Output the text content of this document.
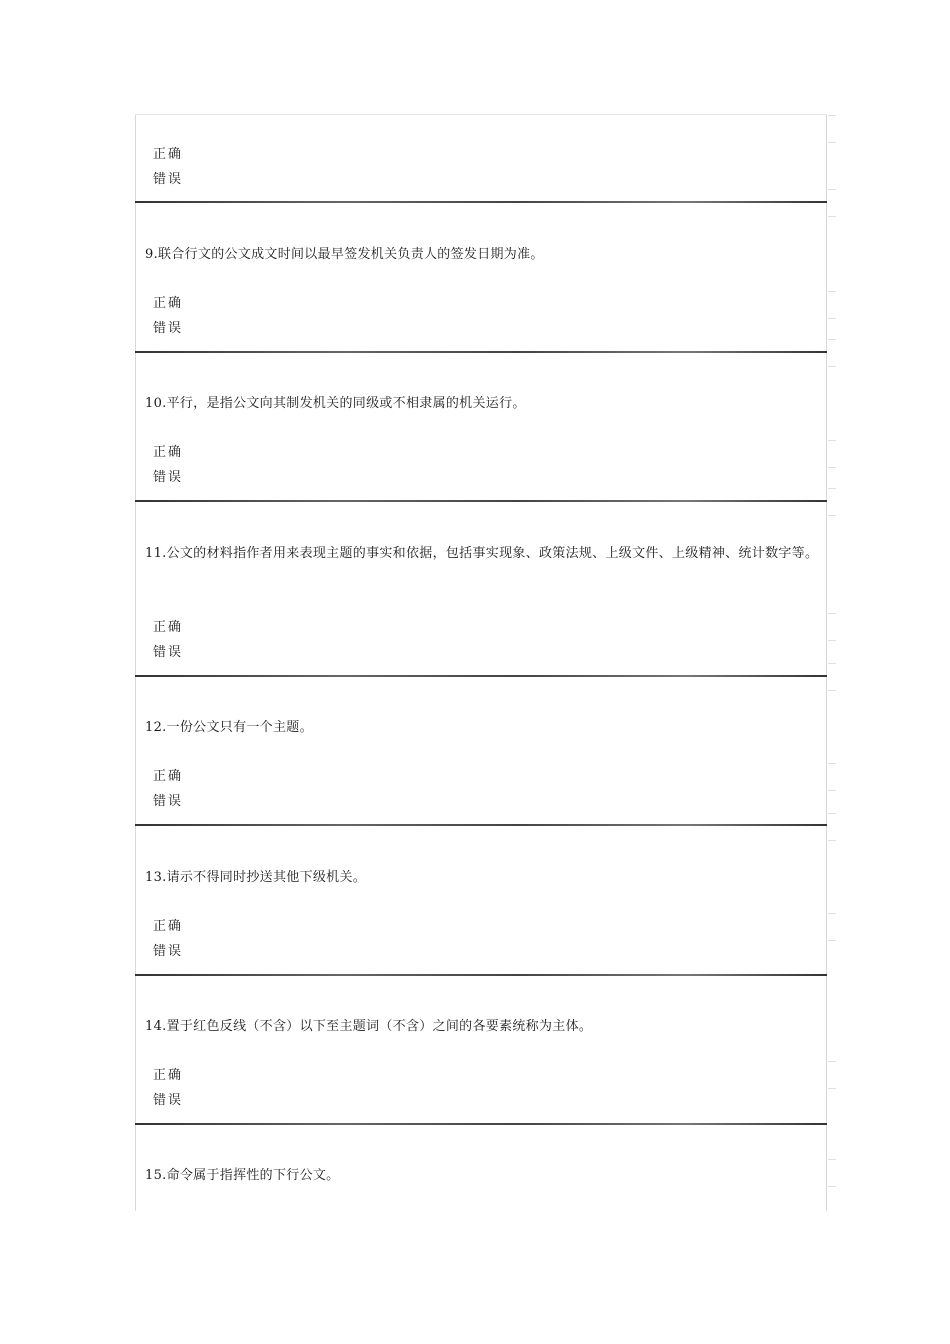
正确
错误
9.联合行文的公文成文时间以最早签发机关负责人的签发日期为准。
正确
错误
10.平行，是指公文向其制发机关的同级或不相隶属的机关运行。
正确
错误
11.公文的材料指作者用来表现主题的事实和依据，包括事实现象、政策法规、上级文件、上级精神、统计数字等。
正确
错误
12.一份公文只有一个主题。
正确
错误
13.请示不得同时抄送其他下级机关。
正确
错误
14.置于红色反线（不含）以下至主题词（不含）之间的各要素统称为主体。
正确
错误
15.命令属于指挥性的下行公文。
